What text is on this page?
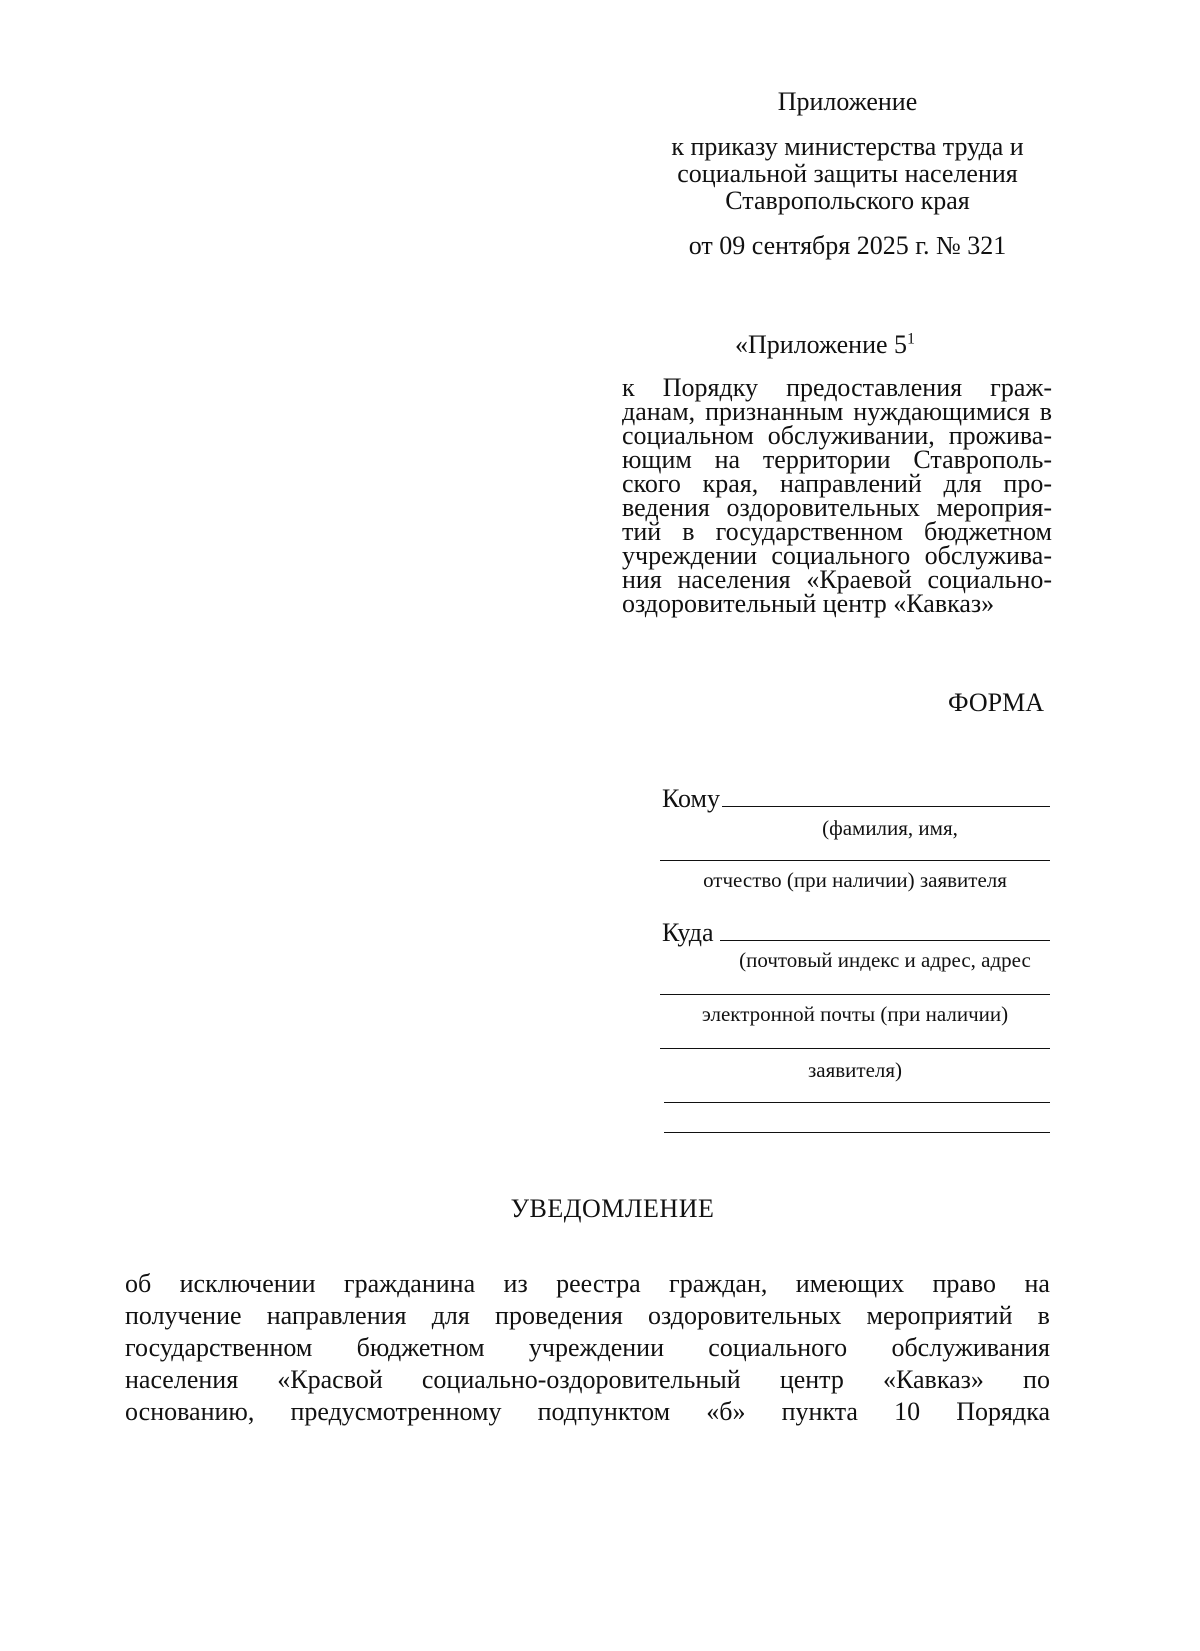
Приложение
к приказу министерства труда и
социальной защиты населения
Ставропольского края
от 09 сентября 2025 г. № 321
«Приложение $5^1$
к Порядку предоставления граж-
данам, признанным нуждающимися в
социальном обслуживании, прожива-
ющим на территории Ставрополь-
ского края, направлений для про-
ведения оздоровительных мероприя-
тий в государственном бюджетном
учреждении социального обслужива-
ния населения «Краевой социально-
оздоровительный центр «Кавказ»
ФОРМА
Кому
(фамилия, имя,
отчество (при наличии) заявителя
Куда
(почтовый индекс и адрес, адрес
электронной почты (при наличии)
заявителя)
УВЕДОМЛЕНИЕ
об исключении гражданина из реестра граждан, имеющих право на
получение направления для проведения оздоровительных мероприятий в
государственном бюджетном учреждении социального обслуживания
населения «Красвой социально-оздоровительный центр «Кавказ» по
основанию, предусмотренному подпунктом «б» пункта 10 Порядка
